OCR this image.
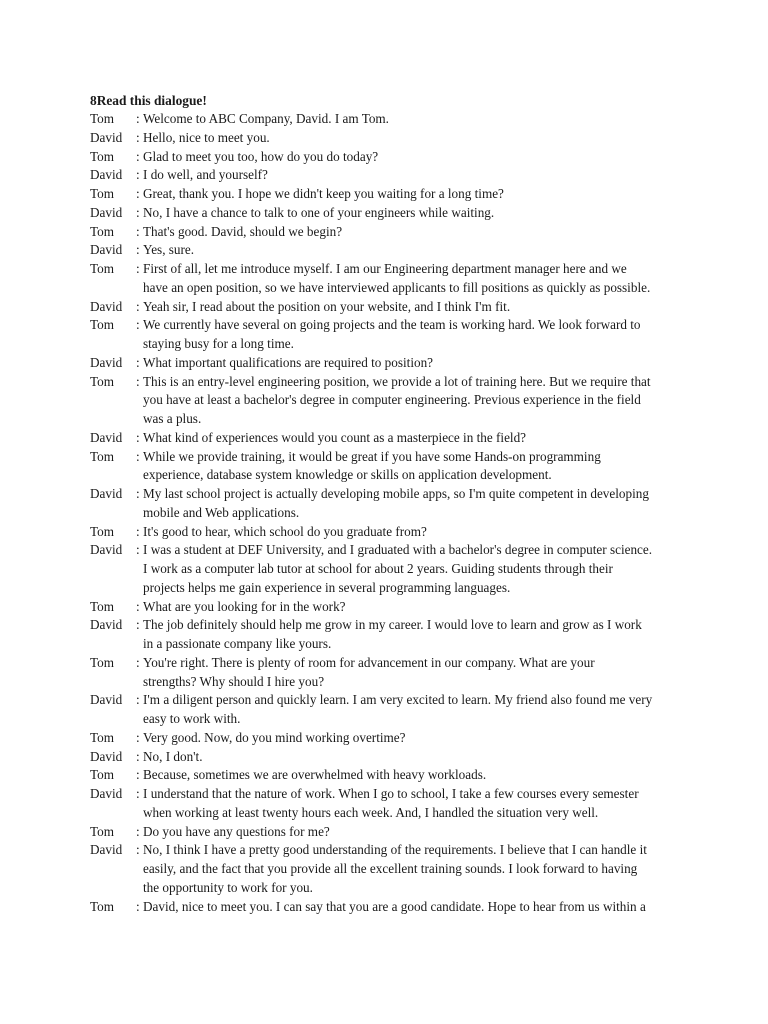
8Read this dialogue!
Tom : Welcome to ABC Company, David. I am Tom.
David : Hello, nice to meet you.
Tom : Glad to meet you too, how do you do today?
David : I do well, and yourself?
Tom : Great, thank you. I hope we didn't keep you waiting for a long time?
David : No, I have a chance to talk to one of your engineers while waiting.
Tom : That's good. David, should we begin?
David : Yes, sure.
Tom : First of all, let me introduce myself. I am our Engineering department manager here and we
have an open position, so we have interviewed applicants to fill positions as quickly as possible.
David : Yeah sir, I read about the position on your website, and I think I'm fit.
Tom : We currently have several on going projects and the team is working hard. We look forward to
staying busy for a long time.
David : What important qualifications are required to position?
Tom : This is an entry-level engineering position, we provide a lot of training here. But we require that
you have at least a bachelor's degree in computer engineering. Previous experience in the field
was a plus.
David : What kind of experiences would you count as a masterpiece in the field?
Tom : While we provide training, it would be great if you have some Hands-on programming
experience, database system knowledge or skills on application development.
David : My last school project is actually developing mobile apps, so I'm quite competent in developing
mobile and Web applications.
Tom : It's good to hear, which school do you graduate from?
David : I was a student at DEF University, and I graduated with a bachelor's degree in computer science.
I work as a computer lab tutor at school for about 2 years. Guiding students through their
projects helps me gain experience in several programming languages.
Tom : What are you looking for in the work?
David : The job definitely should help me grow in my career. I would love to learn and grow as I work
in a passionate company like yours.
Tom : You're right. There is plenty of room for advancement in our company. What are your
strengths? Why should I hire you?
David : I'm a diligent person and quickly learn. I am very excited to learn. My friend also found me very
easy to work with.
Tom : Very good. Now, do you mind working overtime?
David : No, I don't.
Tom : Because, sometimes we are overwhelmed with heavy workloads.
David : I understand that the nature of work. When I go to school, I take a few courses every semester
when working at least twenty hours each week. And, I handled the situation very well.
Tom : Do you have any questions for me?
David : No, I think I have a pretty good understanding of the requirements. I believe that I can handle it
easily, and the fact that you provide all the excellent training sounds. I look forward to having
the opportunity to work for you.
Tom : David, nice to meet you. I can say that you are a good candidate. Hope to hear from us within a
